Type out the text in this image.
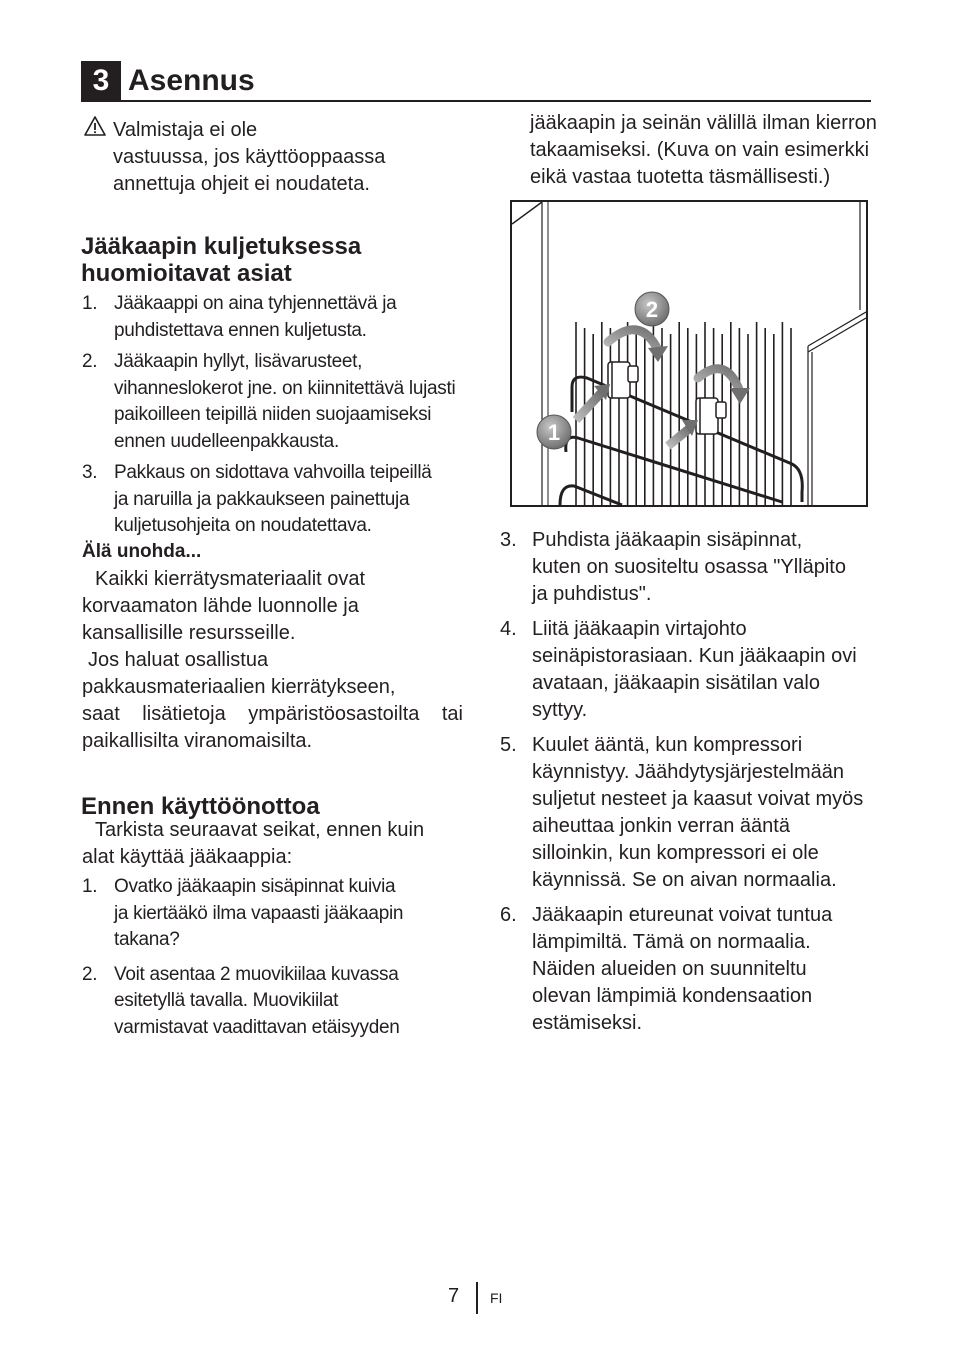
3 Asennus
Valmistaja ei ole
vastuussa, jos käyttöoppaassa
annettuja ohjeit ei noudateta.
Jääkaapin kuljetuksessa
huomioitavat asiat
1. Jääkaappi on aina tyhjennettävä ja
puhdistettava ennen kuljetusta.
2. Jääkaapin hyllyt, lisävarusteet,
vihanneslokerot jne. on kiinnitettävä lujasti
paikoilleen teipillä niiden suojaamiseksi
ennen uudelleenpakkausta.
3. Pakkaus on sidottava vahvoilla teipeillä
ja naruilla ja pakkaukseen painettuja
kuljetusohjeita on noudatettava.
Älä unohda...
Kaikki kierrätysmateriaalit ovat
korvaamaton lähde luonnolle ja
kansallisille resursseille.
Jos haluat osallistua
pakkausmateriaalien kierrätykseen,
saat lisätietoja ympäristöosastoilta tai
paikallisilta viranomaisilta.
Ennen käyttöönottoa
Tarkista seuraavat seikat, ennen kuin
alat käyttää jääkaappia:
1. Ovatko jääkaapin sisäpinnat kuivia
ja kiertääkö ilma vapaasti jääkaapin
takana?
2. Voit asentaa 2 muovikiilaa kuvassa
esitetyllä tavalla. Muovikiilat
varmistavat vaadittavan etäisyyden
jääkaapin ja seinän välillä ilman kierron
takaamiseksi. (Kuva on vain esimerkki
eikä vastaa tuotetta täsmällisesti.)
1
2
3. Puhdista jääkaapin sisäpinnat,
kuten on suositeltu osassa "Ylläpito
ja puhdistus".
4. Liitä jääkaapin virtajohto
seinäpistorasiaan. Kun jääkaapin ovi
avataan, jääkaapin sisätilan valo
syttyy.
5. Kuulet ääntä, kun kompressori
käynnistyy. Jäähdytysjärjestelmään
suljetut nesteet ja kaasut voivat myös
aiheuttaa jonkin verran ääntä
silloinkin, kun kompressori ei ole
käynnissä. Se on aivan normaalia.
6. Jääkaapin etureunat voivat tuntua
lämpimiltä. Tämä on normaalia.
Näiden alueiden on suunniteltu
olevan lämpimiä kondensaation
estämiseksi.
7 FI
